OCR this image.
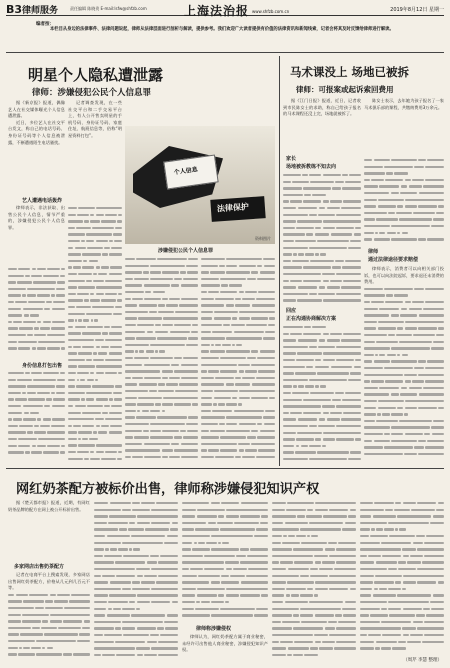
B3 律师服务	责任编辑 陈晓贵 E-mail:lsfw@shfzb.com	上海法治报 www.shfzb.com.cn	2019年8月12日 星期一
编者按：
本栏目从身边的法律事件、法律问题说起，律师从法律层面进行剖析与解读，提供参考。我们欢迎广大读者提供有价值的法律资讯和新闻线索，记者会将其及时反馈给律师进行解读。
明星个人隐私遭泄露
律师：涉嫌侵犯公民个人信息罪

据《新京报》报道，偶像艺人在社交媒体曝光个人信息遭泄露。

近日，多位艺人在社交平台发文，称自己的电话号码、身份证号码等个人信息被泄露，不断遭遇陌生电话骚扰。

记者调查发现，在一些社交平台和二手交易平台上，有人公开售卖明星的手机号码、身份证号码、家庭住址、航班信息等，俗称“明星资料打包”。

艺人遭遇电话轰炸

律师表示，非法获取、出售公民个人信息，情节严重的，涉嫌侵犯公民个人信息罪。

身份信息打包出售
个人信息
法律保护
资料图片
涉嫌侵犯公民个人信息罪
马术课没上 场地已被拆
律师：可报案或起诉索回费用

据《江门日报》报道，近日，记者收到市民陈女士的求助，称自己给孩子报名的马术课程还没上完，场地就被拆了。

陈女士表示，去年她为孩子报名了一家马术俱乐部的课程，共缴纳费用3万余元。

家长
场地被拆教练不知去向
律师
通过法律途径要求赔偿

律师表示，消费者可以向相关部门投诉，也可以向法院起诉，要求退还未消费的费用。

回应
正在沟通协商解决方案
网红奶茶配方被标价出售，律师称涉嫌侵犯知识产权

据《楚天都市报》报道，近期，有网红奶茶品牌的配方在网上被公开标价出售。

多家网店出售奶茶配方

记者在电商平台上搜索发现，多家网店出售网红奶茶配方，价格从几元到几百元不等。

律师称涉嫌侵权

律师认为，网红奶茶配方属于商业秘密，未经许可出售他人商业秘密，涉嫌侵犯知识产权。

（周芹 李慧 整理）
